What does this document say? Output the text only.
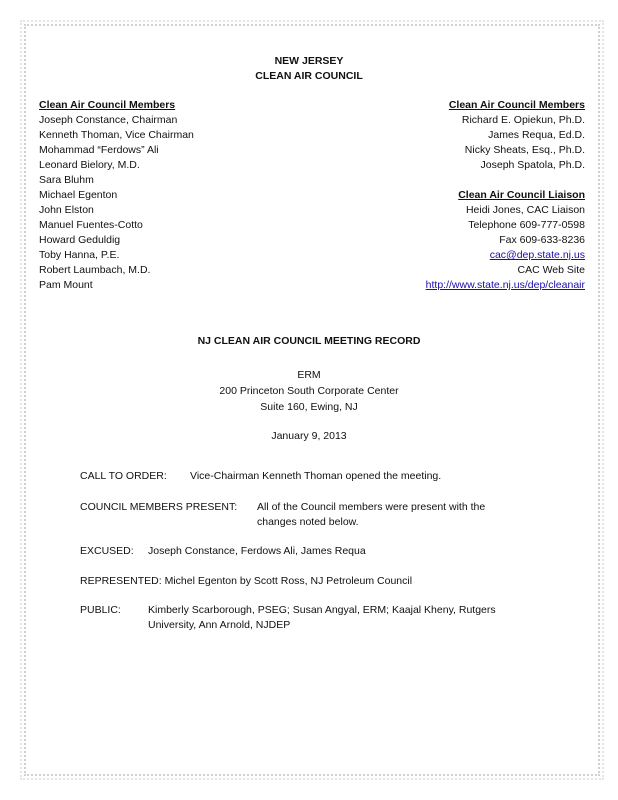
NEW JERSEY
CLEAN AIR COUNCIL
Clean Air Council Members
Joseph Constance, Chairman
Kenneth Thoman, Vice Chairman
Mohammad “Ferdows” Ali
Leonard Bielory, M.D.
Sara Bluhm
Michael Egenton
John Elston
Manuel Fuentes-Cotto
Howard Geduldig
Toby Hanna, P.E.
Robert Laumbach, M.D.
Pam Mount
Clean Air Council Members
Richard E. Opiekun, Ph.D.
James Requa, Ed.D.
Nicky Sheats, Esq., Ph.D.
Joseph Spatola, Ph.D.
Clean Air Council Liaison
Heidi Jones, CAC Liaison
Telephone 609-777-0598
Fax 609-633-8236
cac@dep.state.nj.us
CAC Web Site
http://www.state.nj.us/dep/cleanair
NJ CLEAN AIR COUNCIL MEETING RECORD
ERM
200 Princeton South Corporate Center
Suite 160, Ewing, NJ
January 9, 2013
CALL TO ORDER: Vice-Chairman Kenneth Thoman opened the meeting.
COUNCIL MEMBERS PRESENT: All of the Council members were present with the
changes noted below.
EXCUSED: Joseph Constance, Ferdows Ali, James Requa
REPRESENTED: Michel Egenton by Scott Ross, NJ Petroleum Council
PUBLIC:	Kimberly Scarborough, PSEG; Susan Angyal, ERM; Kaajal Kheny, Rutgers
University, Ann Arnold, NJDEP
